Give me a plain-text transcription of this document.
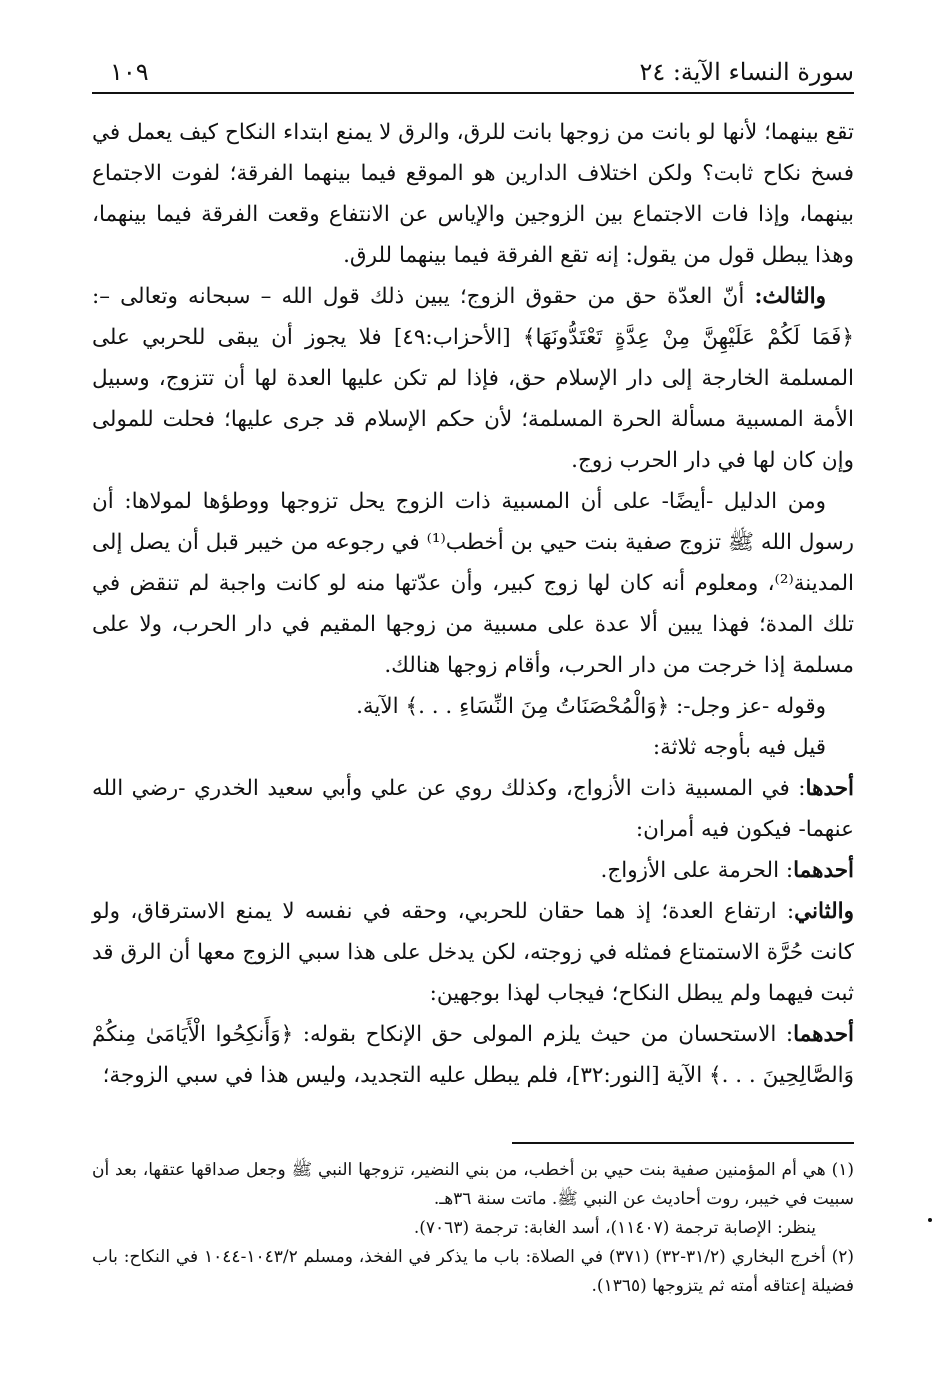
سورة النساء الآية: ٢٤
١٠٩

تقع بينهما؛ لأنها لو بانت من زوجها بانت للرق، والرق لا يمنع ابتداء النكاح كيف يعمل في فسخ نكاح ثابت؟ ولكن اختلاف الدارين هو الموقع فيما بينهما الفرقة؛ لفوت الاجتماع بينهما، وإذا فات الاجتماع بين الزوجين والإياس عن الانتفاع وقعت الفرقة فيما بينهما، وهذا يبطل قول من يقول: إنه تقع الفرقة فيما بينهما للرق.

والثالث: أنّ العدّة حق من حقوق الزوج؛ يبين ذلك قول الله – سبحانه وتعالى –: ﴿فَمَا لَكُمْ عَلَيْهِنَّ مِنْ عِدَّةٍ تَعْتَدُّونَهَا﴾ [الأحزاب:٤٩] فلا يجوز أن يبقى للحربي على المسلمة الخارجة إلى دار الإسلام حق، فإذا لم تكن عليها العدة لها أن تتزوج، وسبيل الأمة المسبية مسألة الحرة المسلمة؛ لأن حكم الإسلام قد جرى عليها؛ فحلت للمولى وإن كان لها في دار الحرب زوج.

ومن الدليل -أيضًا- على أن المسبية ذات الزوج يحل تزوجها ووطؤها لمولاها: أن رسول الله ﷺ تزوج صفية بنت حيي بن أخطب⁽¹⁾ في رجوعه من خيبر قبل أن يصل إلى المدينة⁽²⁾، ومعلوم أنه كان لها زوج كبير، وأن عدّتها منه لو كانت واجبة لم تنقض في تلك المدة؛ فهذا يبين ألا عدة على مسبية من زوجها المقيم في دار الحرب، ولا على مسلمة إذا خرجت من دار الحرب، وأقام زوجها هنالك.

وقوله -عز وجل-: ﴿وَالْمُحْصَنَاتُ مِنَ النِّسَاءِ . . .﴾ الآية.

قيل فيه بأوجه ثلاثة:

أحدها: في المسبية ذات الأزواج، وكذلك روي عن علي وأبي سعيد الخدري -رضي الله عنهما- فيكون فيه أمران:

أحدهما: الحرمة على الأزواج.

والثاني: ارتفاع العدة؛ إذ هما حقان للحربي، وحقه في نفسه لا يمنع الاسترقاق، ولو كانت حُرَّة الاستمتاع فمثله في زوجته، لكن يدخل على هذا سبي الزوج معها أن الرق قد ثبت فيهما ولم يبطل النكاح؛ فيجاب لهذا بوجهين:

أحدهما: الاستحسان من حيث يلزم المولى حق الإنكاح بقوله: ﴿وَأَنكِحُوا الْأَيَامَىٰ مِنكُمْ وَالصَّالِحِينَ . . .﴾ الآية [النور:٣٢]، فلم يبطل عليه التجديد، وليس هذا في سبي الزوجة؛

(١) هي أم المؤمنين صفية بنت حيي بن أخطب، من بني النضير، تزوجها النبي ﷺ وجعل صداقها عتقها، بعد أن سبيت في خيبر، روت أحاديث عن النبي ﷺ. ماتت سنة ٣٦هـ.

ينظر: الإصابة ترجمة (١١٤٠٧)، أسد الغابة: ترجمة (٧٠٦٣).

(٢) أخرج البخاري (٣١/٢-٣٢) (٣٧١) في الصلاة: باب ما يذكر في الفخذ، ومسلم ١٠٤٣/٢-١٠٤٤ في النكاح: باب فضيلة إعتاقه أمته ثم يتزوجها (١٣٦٥).
